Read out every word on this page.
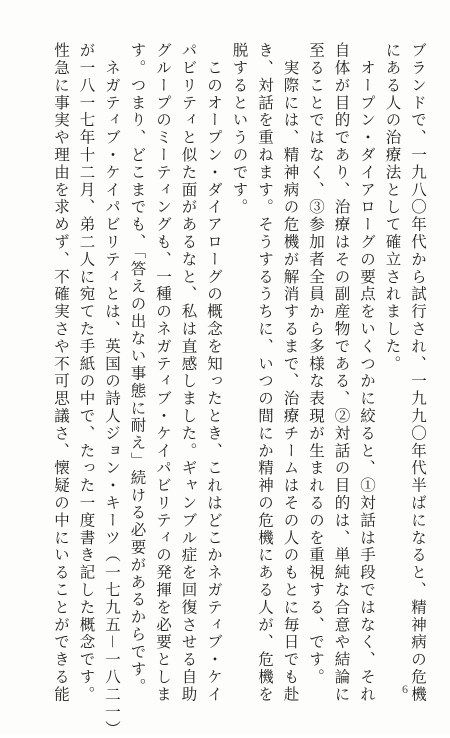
ブランドで、一九八〇年代から試行され、一九九〇年代半ばになると、精神病の危機
にある人の治療法として確立されました。
　オープン・ダイアローグの要点をいくつかに絞ると、①対話は手段ではなく、それ
自体が目的であり、治療はその副産物である、②対話の目的は、単純な合意や結論に
至ることではなく、③参加者全員から多様な表現が生まれるのを重視する、です。
　実際には、精神病の危機が解消するまで、治療チームはその人のもとに毎日でも赴
き、対話を重ねます。そうするうちに、いつの間にか精神の危機にある人が、危機を
脱するというのです。
　このオープン・ダイアローグの概念を知ったとき、これはどこかネガティブ・ケイ
パビリティと似た面があるなと、私は直感しました。ギャンブル症を回復させる自助
グループのミーティングも、一種のネガティブ・ケイパビリティの発揮を必要としま
す。つまり、どこまでも、「答えの出ない事態に耐え」続ける必要があるからです。
　ネガティブ・ケイパビリティとは、英国の詩人ジョン・キーツ（一七九五－一八二一）
が一八一七年十二月、弟二人に宛てた手紙の中で、たった一度書き記した概念です。
性急に事実や理由を求めず、不確実さや不可思議さ、懐疑の中にいることができる能	6
